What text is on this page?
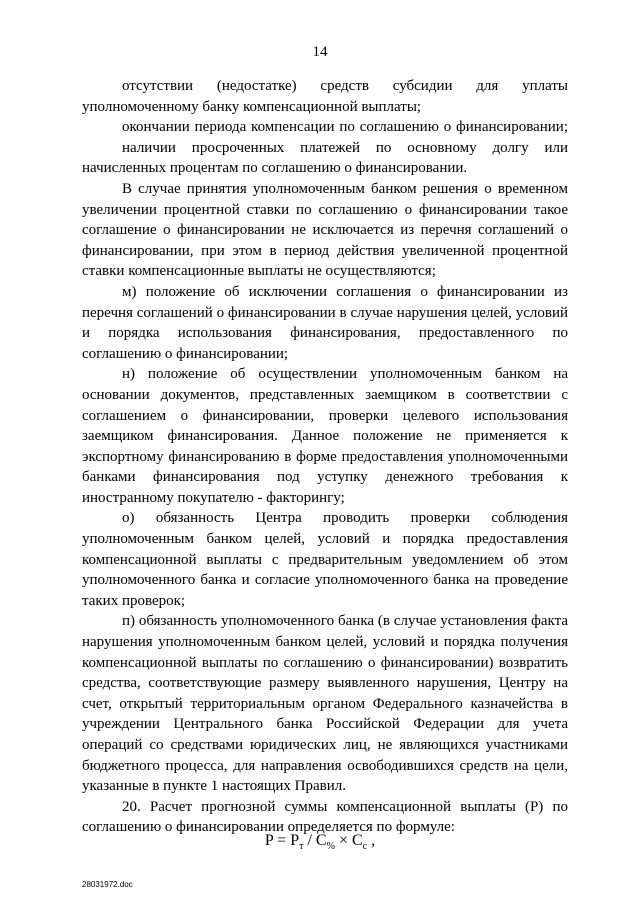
14

отсутствии (недостатке) средств субсидии для уплаты уполномоченному банку компенсационной выплаты;

окончании периода компенсации по соглашению о финансировании;

наличии просроченных платежей по основному долгу или начисленных процентам по соглашению о финансировании.

В случае принятия уполномоченным банком решения о временном увеличении процентной ставки по соглашению о финансировании такое соглашение о финансировании не исключается из перечня соглашений о финансировании, при этом в период действия увеличенной процентной ставки компенсационные выплаты не осуществляются;

м) положение об исключении соглашения о финансировании из перечня соглашений о финансировании в случае нарушения целей, условий и порядка использования финансирования, предоставленного по соглашению о финансировании;

н) положение об осуществлении уполномоченным банком на основании документов, представленных заемщиком в соответствии с соглашением о финансировании, проверки целевого использования заемщиком финансирования. Данное положение не применяется к экспортному финансированию в форме предоставления уполномоченными банками финансирования под уступку денежного требования к иностранному покупателю - факторингу;

о) обязанность Центра проводить проверки соблюдения уполномоченным банком целей, условий и порядка предоставления компенсационной выплаты с предварительным уведомлением об этом уполномоченного банка и согласие уполномоченного банка на проведение таких проверок;

п) обязанность уполномоченного банка (в случае установления факта нарушения уполномоченным банком целей, условий и порядка получения компенсационной выплаты по соглашению о финансировании) возвратить средства, соответствующие размеру выявленного нарушения, Центру на счет, открытый территориальным органом Федерального казначейства в учреждении Центрального банка Российской Федерации для учета операций со средствами юридических лиц, не являющихся участниками бюджетного процесса, для направления освободившихся средств на цели, указанные в пункте 1 настоящих Правил.

20. Расчет прогнозной суммы компенсационной выплаты (Р) по соглашению о финансировании определяется по формуле:

$P = P_т / C_{\%} \times C_с$ ,
28031972.doc
